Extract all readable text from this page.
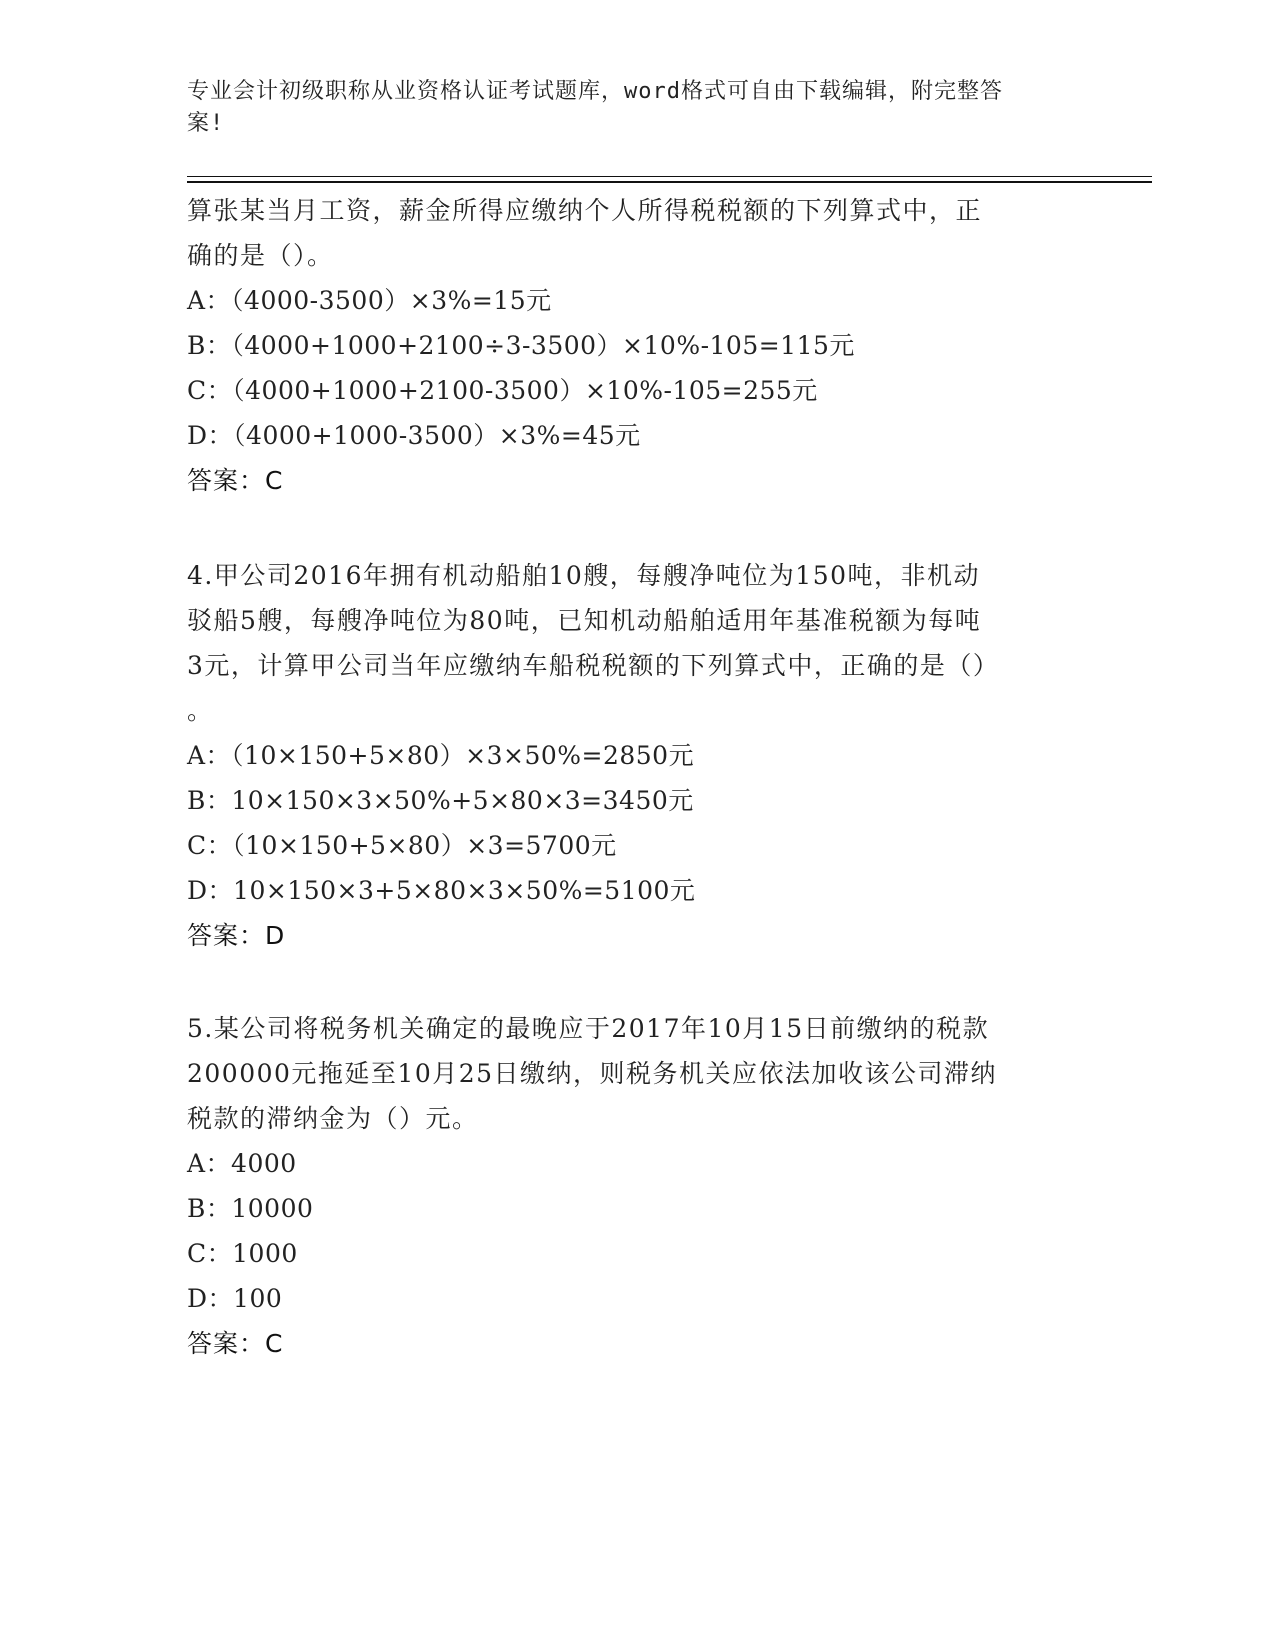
专业会计初级职称从业资格认证考试题库，word格式可自由下载编辑，附完整答
案!
算张某当月工资，薪金所得应缴纳个人所得税税额的下列算式中，正
确的是（）。
A：（4000-3500）×3%=15元
B：（4000+1000+2100÷3-3500）×10%-105=115元
C：（4000+1000+2100-3500）×10%-105=255元
D：（4000+1000-3500）×3%=45元
答案：C
4.甲公司2016年拥有机动船舶10艘，每艘净吨位为150吨，非机动
驳船5艘，每艘净吨位为80吨，已知机动船舶适用年基准税额为每吨
3元，计算甲公司当年应缴纳车船税税额的下列算式中，正确的是（）
。
A：（10×150+5×80）×3×50%=2850元
B：10×150×3×50%+5×80×3=3450元
C：（10×150+5×80）×3=5700元
D：10×150×3+5×80×3×50%=5100元
答案：D
5.某公司将税务机关确定的最晚应于2017年10月15日前缴纳的税款
200000元拖延至10月25日缴纳，则税务机关应依法加收该公司滞纳
税款的滞纳金为（）元。
A：4000
B：10000
C：1000
D：100
答案：C
